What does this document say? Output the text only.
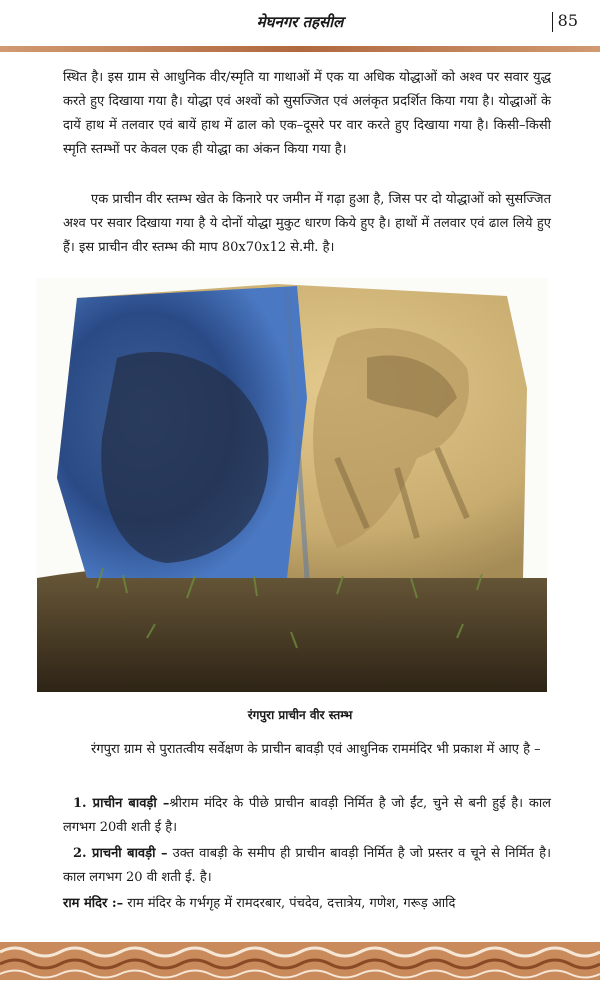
मेघनगर तहसील	85

स्थित है। इस ग्राम से आधुनिक वीर/स्मृति या गाथाओं में एक या अधिक योद्धाओं को अश्व पर सवार युद्ध करते हुए दिखाया गया है। योद्धा एवं अश्वों को सुसज्जित एवं अलंकृत प्रदर्शित किया गया है। योद्धाओं के दायें हाथ में तलवार एवं बायें हाथ में ढाल को एक–दूसरे पर वार करते हुए दिखाया गया है। किसी–किसी स्मृति स्तम्भों पर केवल एक ही योद्धा का अंकन किया गया है।

एक प्राचीन वीर स्तम्भ खेत के किनारे पर जमीन में गढ़ा हुआ है, जिस पर दो योद्धाओं को सुसज्जित अश्व पर सवार दिखाया गया है ये दोनों योद्धा मुकुट धारण किये हुए है। हाथों में तलवार एवं ढाल लिये हुए हैं। इस प्राचीन वीर स्तम्भ की माप 80x70x12 से.मी. है।

रंगपुरा प्राचीन वीर स्तम्भ

रंगपुरा ग्राम से पुरातत्वीय सर्वेक्षण के प्राचीन बावड़ी एवं आधुनिक राममंदिर भी प्रकाश में आए है –

1. प्राचीन बावड़ी –श्रीराम मंदिर के पीछे प्राचीन बावड़ी निर्मित है जो ईंट, चुने से बनी हुई है। काल लगभग 20वी शती ई है।

2. प्राचनी बावड़ी – उक्त वाबड़ी के समीप ही प्राचीन बावड़ी निर्मित है जो प्रस्तर व चूने से निर्मित है। काल लगभग 20 वी शती ई. है।

राम मंदिर :– राम मंदिर के गर्भगृह में रामदरबार, पंचदेव, दत्तात्रेय, गणेश, गरूड़ आदि
